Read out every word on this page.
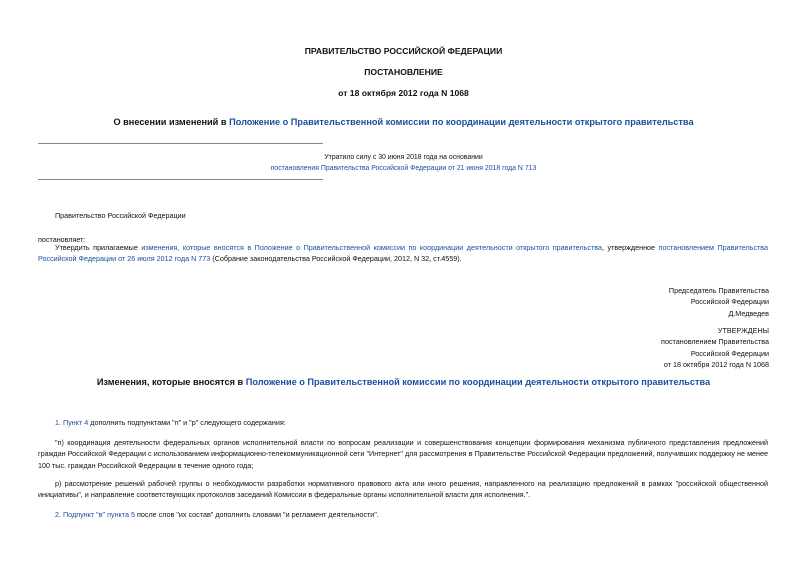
ПРАВИТЕЛЬСТВО РОССИЙСКОЙ ФЕДЕРАЦИИ
ПОСТАНОВЛЕНИЕ
от 18 октября 2012 года N 1068
О внесении изменений в Положение о Правительственной комиссии по координации деятельности открытого правительства
Утратило силу с 30 июня 2018 года на основании
постановления Правительства Российской Федерации от 21 июня 2018 года N 713
Правительство Российской Федерации
постановляет:
Утвердить прилагаемые изменения, которые вносятся в Положение о Правительственной комиссии по координации деятельности открытого правительства, утвержденное постановлением Правительства Российской Федерации от 26 июля 2012 года N 773 (Собрание законодательства Российской Федерации, 2012, N 32, ст.4559).
Председатель Правительства
Российской Федерации
Д.Медведев
УТВЕРЖДЕНЫ
постановлением Правительства
Российской Федерации
от 18 октября 2012 года N 1068
Изменения, которые вносятся в Положение о Правительственной комиссии по координации деятельности открытого правительства
1. Пункт 4 дополнить подпунктами "п" и "р" следующего содержания:
"п) координация деятельности федеральных органов исполнительной власти по вопросам реализации и совершенствования концепции формирования механизма публичного представления предложений граждан Российской Федерации с использованием информационно-телекоммуникационной сети "Интернет" для рассмотрения в Правительстве Российской Федерации предложений, получивших поддержку не менее 100 тыс. граждан Российской Федерации в течение одного года;
р) рассмотрение решений рабочей группы о необходимости разработки нормативного правового акта или иного решения, направленного на реализацию предложений в рамках "российской общественной инициативы", и направление соответствующих протоколов заседаний Комиссии в федеральные органы исполнительной власти для исполнения.".
2. Подпункт "в" пункта 5 после слов "их состав" дополнить словами "и регламент деятельности".
